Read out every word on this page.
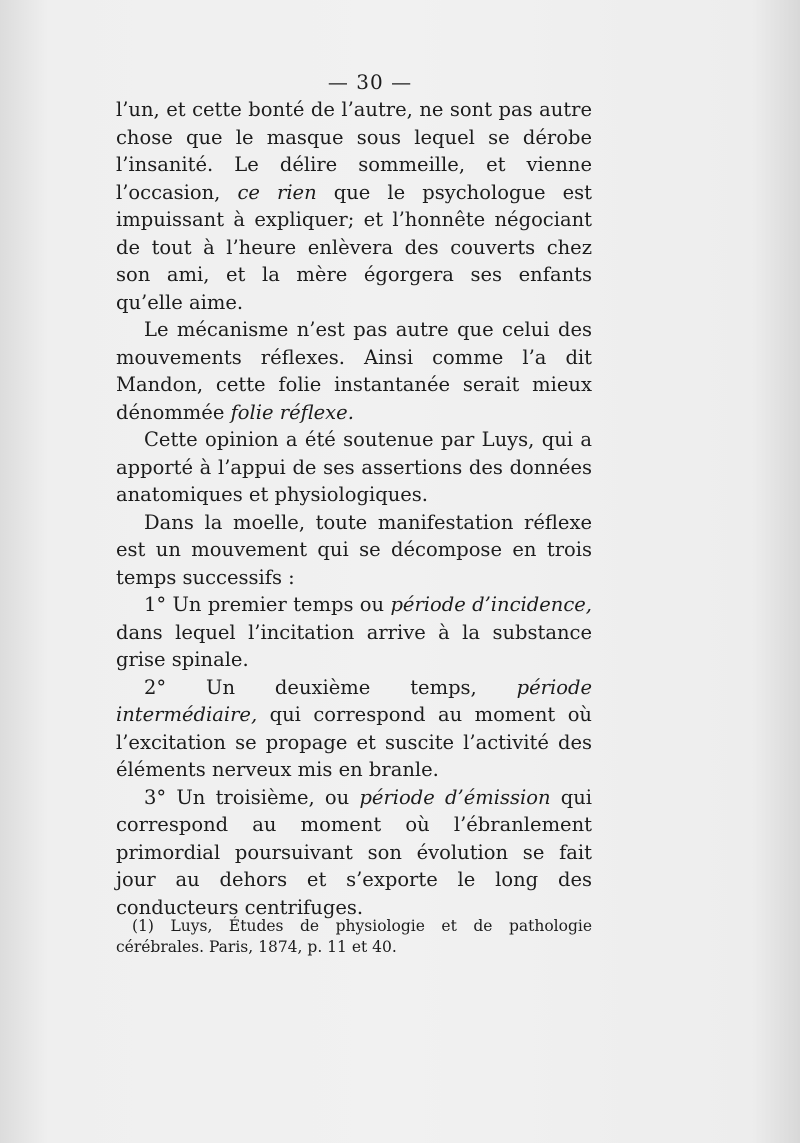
— 30 —

l’un, et cette bonté de l’autre, ne sont pas autre chose que le masque sous lequel se dérobe l’insanité. Le délire sommeille, et vienne l’occasion, ce rien que le psychologue est impuissant à expliquer; et l’honnête négociant de tout à l’heure enlèvera des couverts chez son ami, et la mère égorgera ses enfants qu’elle aime.

Le mécanisme n’est pas autre que celui des mouvements réflexes. Ainsi comme l’a dit Mandon, cette folie instantanée serait mieux dénommée folie réflexe.

Cette opinion a été soutenue par Luys, qui a apporté à l’appui de ses assertions des données anatomiques et physiologiques.

Dans la moelle, toute manifestation réflexe est un mouvement qui se décompose en trois temps successifs :

1° Un premier temps ou période d’incidence, dans lequel l’incitation arrive à la substance grise spinale.

2° Un deuxième temps, période intermédiaire, qui correspond au moment où l’excitation se propage et suscite l’activité des éléments nerveux mis en branle.

3° Un troisième, ou période d’émission qui correspond au moment où l’ébranlement primordial poursuivant son évolution se fait jour au dehors et s’exporte le long des conducteurs centrifuges.

(1) Luys, Études de physiologie et de pathologie cérébrales. Paris, 1874, p. 11 et 40.
